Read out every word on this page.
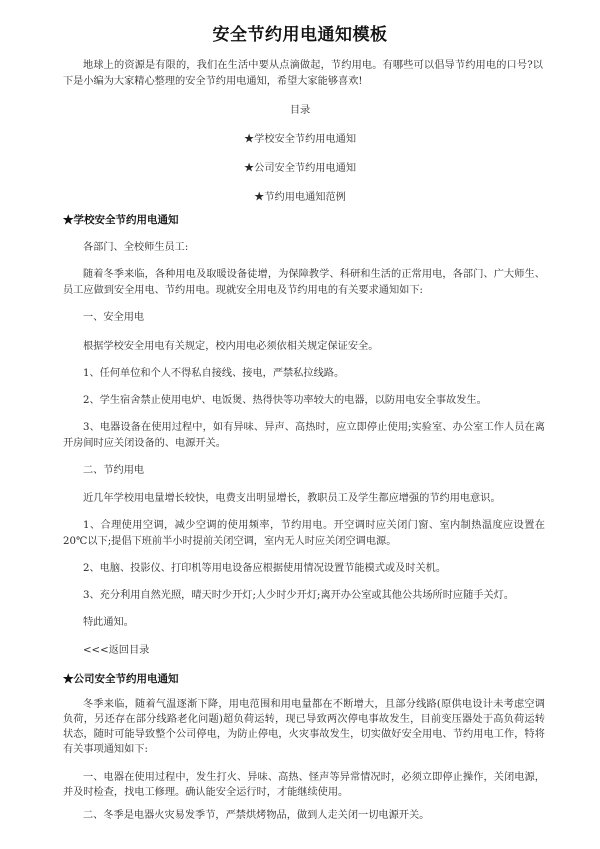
安全节约用电通知模板
地球上的资源是有限的，我们在生活中要从点滴做起，节约用电。有哪些可以倡导节约用电的口号?以下是小编为大家精心整理的安全节约用电通知，希望大家能够喜欢!
目录
★学校安全节约用电通知
★公司安全节约用电通知
★节约用电通知范例
★学校安全节约用电通知
各部门、全校师生员工:
随着冬季来临，各种用电及取暖设备徒增，为保障教学、科研和生活的正常用电，各部门、广大师生、员工应做到安全用电、节约用电。现就安全用电及节约用电的有关要求通知如下:
一、安全用电
根据学校安全用电有关规定，校内用电必须依相关规定保证安全。
1、任何单位和个人不得私自接线、接电，严禁私拉线路。
2、学生宿舍禁止使用电炉、电饭煲、热得快等功率较大的电器，以防用电安全事故发生。
3、电器设备在使用过程中，如有异味、异声、高热时，应立即停止使用;实验室、办公室工作人员在离开房间时应关闭设备的、电源开关。
二、节约用电
近几年学校用电量增长较快，电费支出明显增长，教职员工及学生都应增强的节约用电意识。
1、合理使用空调，减少空调的使用频率，节约用电。开空调时应关闭门窗、室内制热温度应设置在20℃以下;提倡下班前半小时提前关闭空调，室内无人时应关闭空调电源。
2、电脑、投影仪、打印机等用电设备应根据使用情况设置节能模式或及时关机。
3、充分利用自然光照，晴天时少开灯;人少时少开灯;离开办公室或其他公共场所时应随手关灯。
特此通知。
<<<返回目录
★公司安全节约用电通知
冬季来临，随着气温逐渐下降，用电范围和用电量都在不断增大，且部分线路(原供电设计未考虑空调负荷，另还存在部分线路老化问题)超负荷运转，现已导致两次停电事故发生，目前变压器处于高负荷运转状态，随时可能导致整个公司停电，为防止停电，火灾事故发生，切实做好安全用电、节约用电工作，特将有关事项通知如下:
一、电器在使用过程中，发生打火、异味、高热、怪声等异常情况时，必须立即停止操作，关闭电源，并及时检查，找电工修理。确认能安全运行时，才能继续使用。
二、冬季是电器火灾易发季节，严禁烘烤物品，做到人走关闭一切电源开关。
